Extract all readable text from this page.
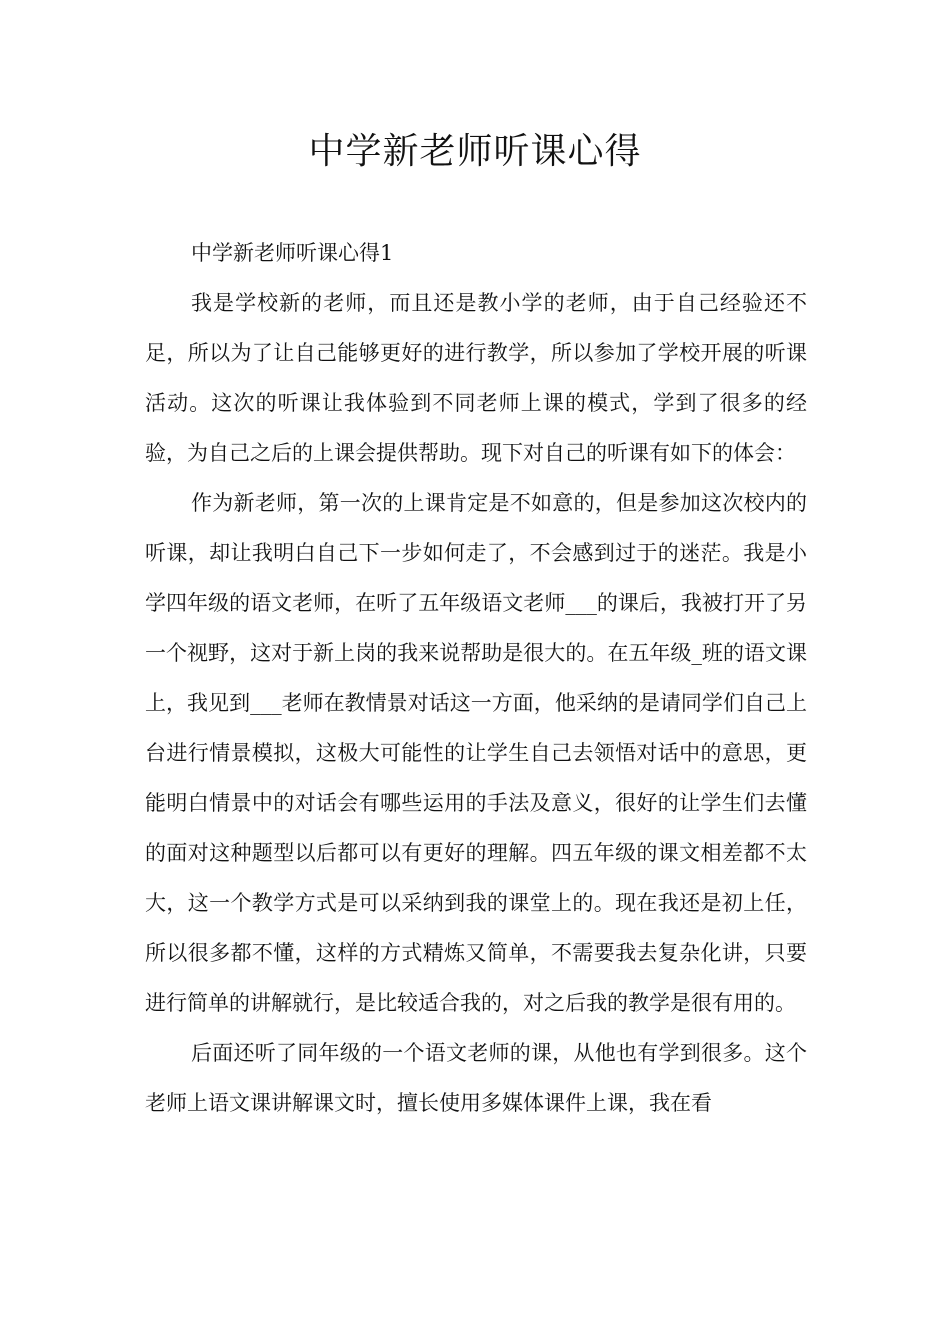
中学新老师听课心得

中学新老师听课心得1

我是学校新的老师，而且还是教小学的老师，由于自己经验还不足，所以为了让自己能够更好的进行教学，所以参加了学校开展的听课活动。这次的听课让我体验到不同老师上课的模式，学到了很多的经验，为自己之后的上课会提供帮助。现下对自己的听课有如下的体会：

作为新老师，第一次的上课肯定是不如意的，但是参加这次校内的听课，却让我明白自己下一步如何走了，不会感到过于的迷茫。我是小学四年级的语文老师，在听了五年级语文老师___的课后，我被打开了另一个视野，这对于新上岗的我来说帮助是很大的。在五年级_班的语文课上，我见到___老师在教情景对话这一方面，他采纳的是请同学们自己上台进行情景模拟，这极大可能性的让学生自己去领悟对话中的意思，更能明白情景中的对话会有哪些运用的手法及意义，很好的让学生们去懂的面对这种题型以后都可以有更好的理解。四五年级的课文相差都不太大，这一个教学方式是可以采纳到我的课堂上的。现在我还是初上任，所以很多都不懂，这样的方式精炼又简单，不需要我去复杂化讲，只要进行简单的讲解就行，是比较适合我的，对之后我的教学是很有用的。

后面还听了同年级的一个语文老师的课，从他也有学到很多。这个老师上语文课讲解课文时，擅长使用多媒体课件上课，我在看
